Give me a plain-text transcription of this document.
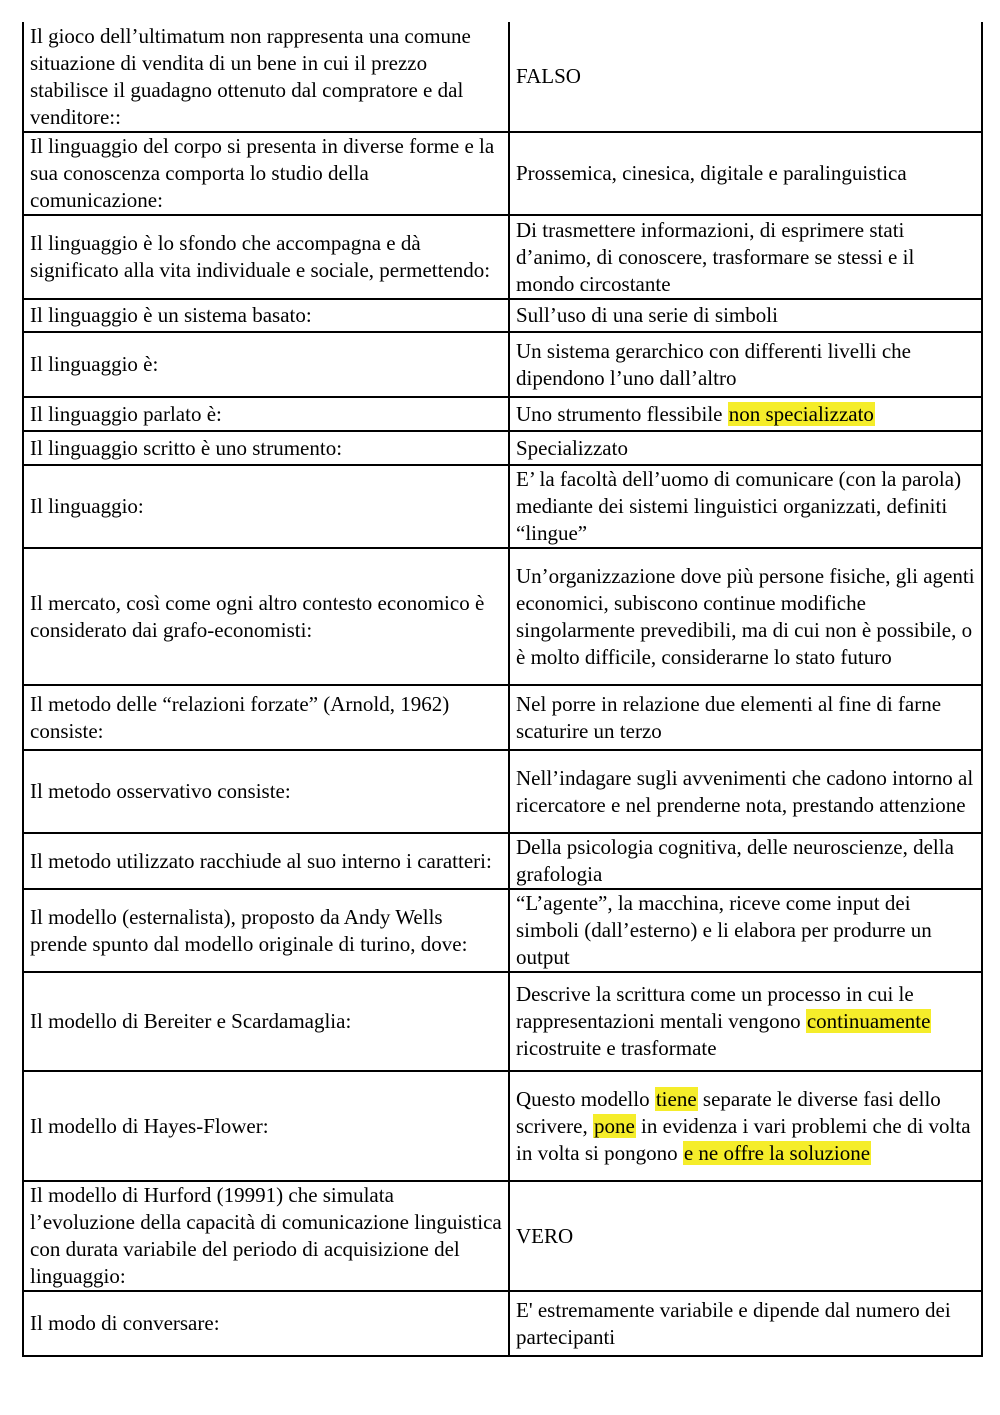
Il gioco dell’ultimatum non rappresenta una comune situazione di vendita di un bene in cui il prezzo stabilisce il guadagno ottenuto dal compratore e dal venditore::	FALSO
Il linguaggio del corpo si presenta in diverse forme e la sua conoscenza comporta lo studio della comunicazione:	Prossemica, cinesica, digitale e paralinguistica
Il linguaggio è lo sfondo che accompagna e dà significato alla vita individuale e sociale, permettendo:	Di trasmettere informazioni, di esprimere stati d’animo, di conoscere, trasformare se stessi e il mondo circostante
Il linguaggio è un sistema basato:	Sull’uso di una serie di simboli
Il linguaggio è:	Un sistema gerarchico con differenti livelli che dipendono l’uno dall’altro
Il linguaggio parlato è:	Uno strumento flessibile non specializzato
Il linguaggio scritto è uno strumento:	Specializzato
Il linguaggio:	E’ la facoltà dell’uomo di comunicare (con la parola) mediante dei sistemi linguistici organizzati, definiti “lingue”
Il mercato, così come ogni altro contesto economico è considerato dai grafo-economisti:	Un’organizzazione dove più persone fisiche, gli agenti economici, subiscono continue modifiche singolarmente prevedibili, ma di cui non è possibile, o è molto difficile, considerarne lo stato futuro
Il metodo delle “relazioni forzate” (Arnold, 1962) consiste:	Nel porre in relazione due elementi al fine di farne scaturire un terzo
Il metodo osservativo consiste:	Nell’indagare sugli avvenimenti che cadono intorno al ricercatore e nel prenderne nota, prestando attenzione
Il metodo utilizzato racchiude al suo interno i caratteri:	Della psicologia cognitiva, delle neuroscienze, della grafologia
Il modello (esternalista), proposto da Andy Wells prende spunto dal modello originale di turino, dove:	“L’agente”, la macchina, riceve come input dei simboli (dall’esterno) e li elabora per produrre un output
Il modello di Bereiter e Scardamaglia:	Descrive la scrittura come un processo in cui le rappresentazioni mentali vengono continuamente ricostruite e trasformate
Il modello di Hayes-Flower:	Questo modello tiene separate le diverse fasi dello scrivere, pone in evidenza i vari problemi che di volta in volta si pongono e ne offre la soluzione
Il modello di Hurford (19991) che simulata l’evoluzione della capacità di comunicazione linguistica con durata variabile del periodo di acquisizione del linguaggio:	VERO
Il modo di conversare:	E' estremamente variabile e dipende dal numero dei partecipanti
